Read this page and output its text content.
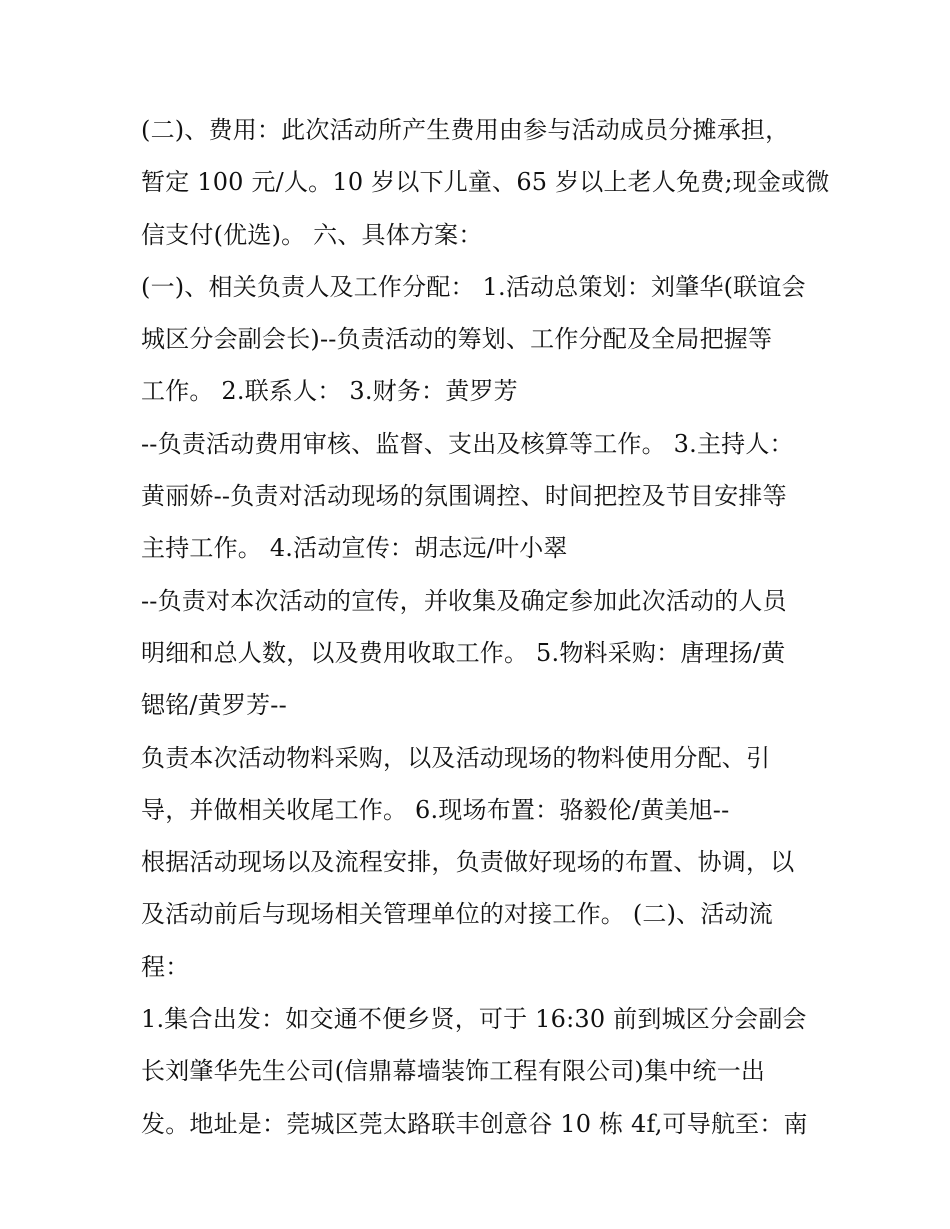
(二)、费用：此次活动所产生费用由参与活动成员分摊承担，
暂定 100 元/人。10 岁以下儿童、65 岁以上老人免费;现金或微
信支付(优选)。 六、具体方案：
(一)、相关负责人及工作分配： 1.活动总策划：刘肇华(联谊会
城区分会副会长)--负责活动的筹划、工作分配及全局把握等
工作。 2.联系人： 3.财务：黄罗芳
--负责活动费用审核、监督、支出及核算等工作。 3.主持人：
黄丽娇--负责对活动现场的氛围调控、时间把控及节目安排等
主持工作。 4.活动宣传：胡志远/叶小翠
--负责对本次活动的宣传，并收集及确定参加此次活动的人员
明细和总人数，以及费用收取工作。 5.物料采购：唐理扬/黄
锶铭/黄罗芳--
负责本次活动物料采购，以及活动现场的物料使用分配、引
导，并做相关收尾工作。 6.现场布置：骆毅伦/黄美旭--
根据活动现场以及流程安排，负责做好现场的布置、协调，以
及活动前后与现场相关管理单位的对接工作。 (二)、活动流
程：
1.集合出发：如交通不便乡贤，可于 16:30 前到城区分会副会
长刘肇华先生公司(信鼎幕墙装饰工程有限公司)集中统一出
发。地址是：莞城区莞太路联丰创意谷 10 栋 4f,可导航至：南
